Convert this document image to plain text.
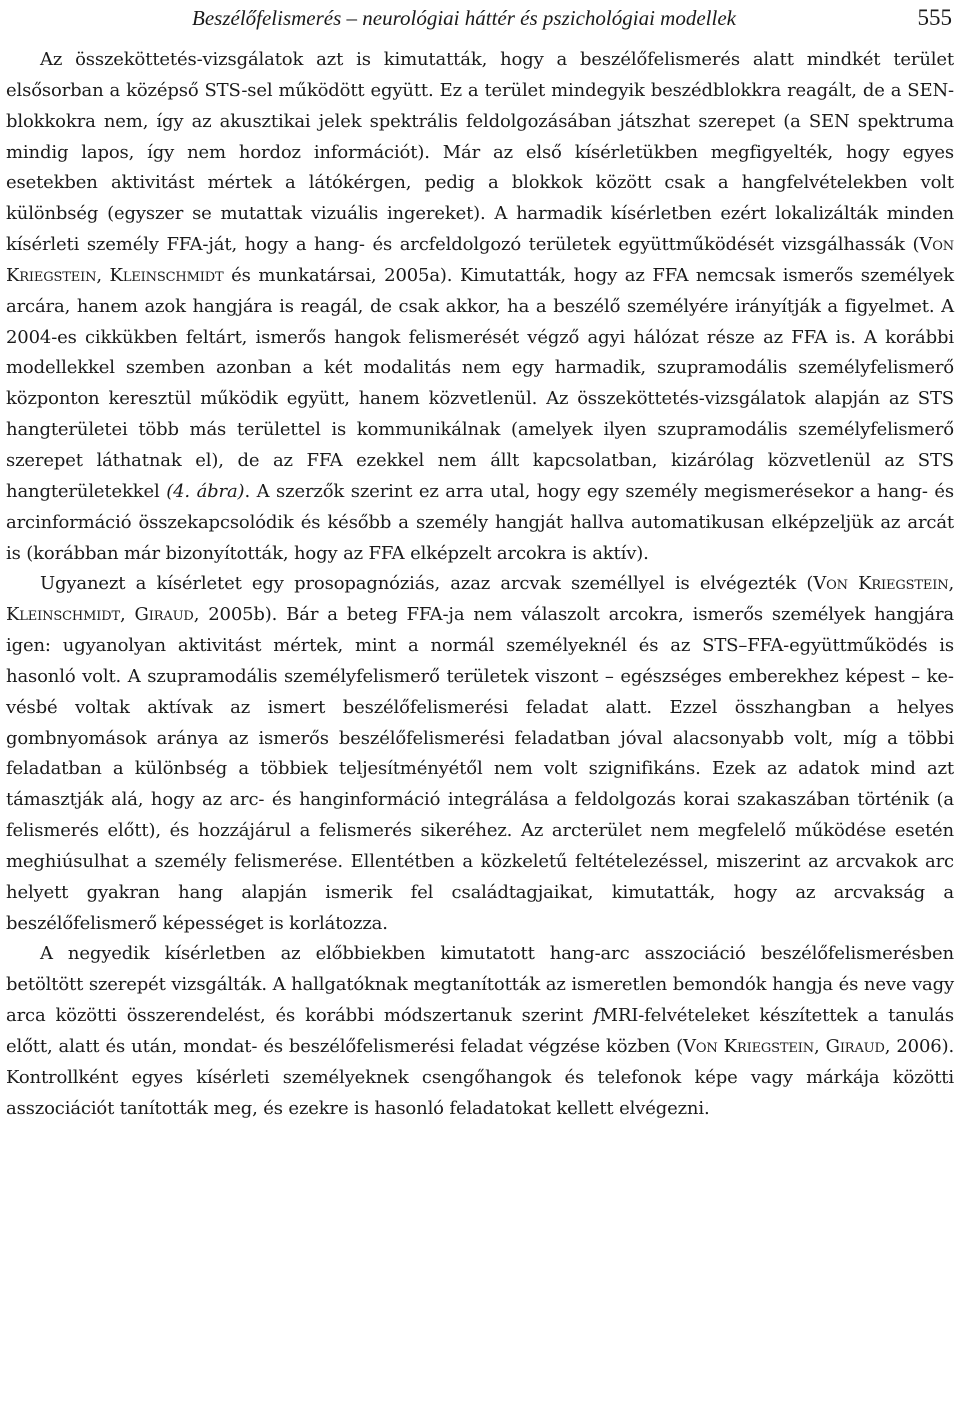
Beszélőfelismerés – neurológiai háttér és pszichológiai modellek	555

Az összeköttetés-vizsgálatok azt is kimutatták, hogy a beszélőfelismerés alatt mindkét terület elsősorban a középső STS-sel működött együtt. Ez a terület mindegyik beszédblokkra reagált, de a SEN-blokkokra nem, így az akusztikai jelek spektrális feldolgozásában játszhat szerepet (a SEN spektruma mindig lapos, így nem hordoz információt). Már az első kísérletükben megfigyelték, hogy egyes esetekben aktivitást mértek a látókérgen, pedig a blokkok között csak a hangfelvételekben volt különbség (egyszer se mutattak vizuális ingereket). A harmadik kísérletben ezért lokalizálták minden kísérleti személy FFA-ját, hogy a hang- és arcfeldolgozó területek együttműködését vizsgálhassák (Von Kriegstein, Kleinschmidt és munkatársai, 2005a). Kimutatták, hogy az FFA nemcsak ismerős személyek arcára, hanem azok hangjára is reagál, de csak akkor, ha a beszélő személyére irányítják a figyelmet. A 2004-es cikkükben feltárt, ismerős hangok felismerését végző agyi hálózat része az FFA is. A korábbi modellekkel szemben azonban a két modalitás nem egy harmadik, szupramodális személyfelismerő központon keresztül működik együtt, hanem közvetlenül. Az összeköttetés-vizsgálatok alapján az STS hangterületei több más területtel is kommunikálnak (amelyek ilyen szupramodális személyfelismerő szerepet láthatnak el), de az FFA ezekkel nem állt kapcsolatban, kizárólag közvetlenül az STS hangterületekkel (4. ábra). A szerzők szerint ez arra utal, hogy egy személy megismerésekor a hang- és arcinformáció összekapcsolódik és később a személy hangját hallva automatikusan elképzeljük az arcát is (korábban már bizonyították, hogy az FFA elképzelt arcokra is aktív).

Ugyanezt a kísérletet egy prosopagnóziás, azaz arcvak személlyel is elvégezték (Von Kriegstein, Kleinschmidt, Giraud, 2005b). Bár a beteg FFA-ja nem válaszolt arcokra, ismerős személyek hangjára igen: ugyanolyan aktivitást mértek, mint a normál személyeknél és az STS–FFA-együttműködés is hasonló volt. A szupramodális személyfelismerő területek viszont – egészséges emberekhez képest – kevésbé voltak aktívak az ismert beszélőfelismerési feladat alatt. Ezzel összhangban a helyes gombnyomások aránya az ismerős beszélőfelismerési feladatban jóval alacsonyabb volt, míg a többi feladatban a különbség a többiek teljesítményétől nem volt szignifikáns. Ezek az adatok mind azt támasztják alá, hogy az arc- és hanginformáció integrálása a feldolgozás korai szakaszában történik (a felismerés előtt), és hozzájárul a felismerés sikeréhez. Az arcterület nem megfelelő működése esetén meghiúsulhat a személy felismerése. Ellentétben a közkeletű feltételezéssel, miszerint az arcvakok arc helyett gyakran hang alapján ismerik fel családtagjaikat, kimutatták, hogy az arcvakság a beszélőfelismerő képességet is korlátozza.

A negyedik kísérletben az előbbiekben kimutatott hang-arc asszociáció beszélőfelismerésben betöltött szerepét vizsgálták. A hallgatóknak megtanították az ismeretlen bemondók hangja és neve vagy arca közötti összerendelést, és korábbi módszertanuk szerint fMRI-felvételeket készítettek a tanulás előtt, alatt és után, mondat- és beszélőfelismerési feladat végzése közben (Von Kriegstein, Giraud, 2006). Kontrollként egyes kísérleti személyeknek csengőhangok és telefonok képe vagy márkája közötti asszociációt tanították meg, és ezekre is hasonló feladatokat kellett elvégezni.
